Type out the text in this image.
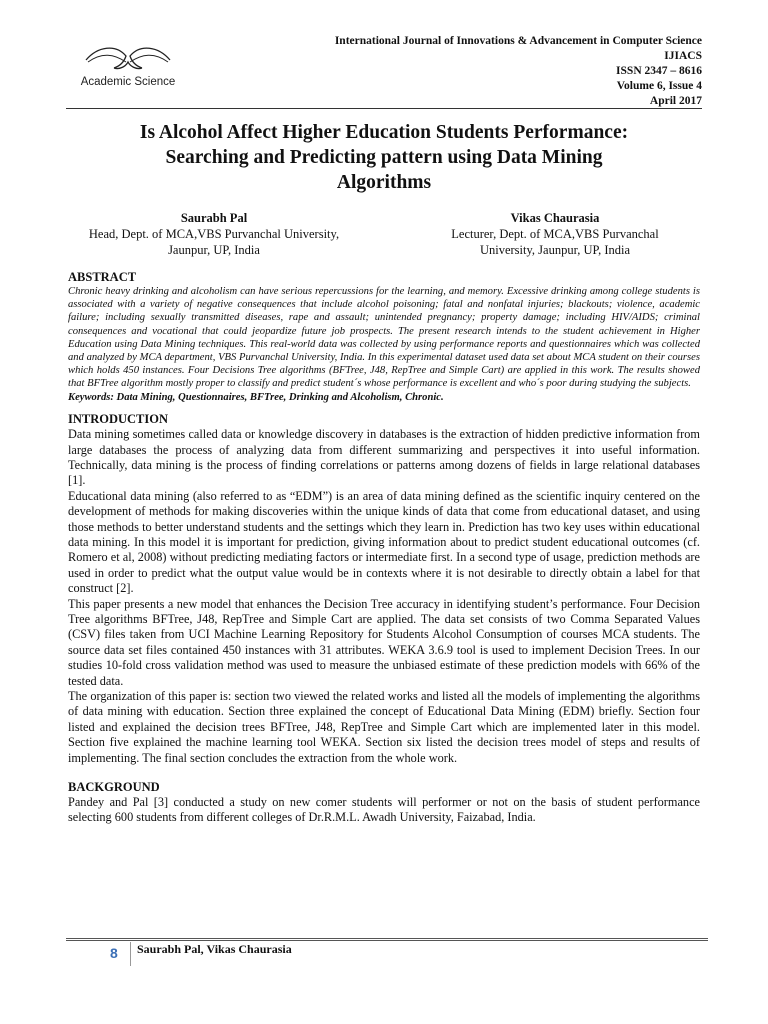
Academic Science
International Journal of Innovations & Advancement in Computer Science
IJIACS
ISSN 2347 – 8616
Volume 6, Issue 4
April 2017
Is Alcohol Affect Higher Education Students Performance:
Searching and Predicting pattern using Data Mining
Algorithms
Saurabh Pal
Head, Dept. of MCA,VBS Purvanchal University,
Jaunpur, UP, India
Vikas Chaurasia
Lecturer, Dept. of MCA,VBS Purvanchal
University, Jaunpur, UP, India

ABSTRACT

Chronic heavy drinking and alcoholism can have serious repercussions for the learning, and memory. Excessive drinking among college students is associated with a variety of negative consequences that include alcohol poisoning; fatal and nonfatal injuries; blackouts; violence, academic failure; including sexually transmitted diseases, rape and assault; unintended pregnancy; property damage; including HIV/AIDS; criminal consequences and vocational that could jeopardize future job prospects. The present research intends to the student achievement in Higher Education using Data Mining techniques. This real-world data was collected by using performance reports and questionnaires which was collected and analyzed by MCA department, VBS Purvanchal University, India. In this experimental dataset used data set about MCA student on their courses which holds 450 instances. Four Decisions Tree algorithms (BFTree, J48, RepTree and Simple Cart) are applied in this work. The results showed that BFTree algorithm mostly proper to classify and predict student´s whose performance is excellent and who´s poor during studying the subjects.

Keywords: Data Mining, Questionnaires, BFTree, Drinking and Alcoholism, Chronic.

INTRODUCTION

Data mining sometimes called data or knowledge discovery in databases is the extraction of hidden predictive information from large databases the process of analyzing data from different summarizing and perspectives it into useful information. Technically, data mining is the process of finding correlations or patterns among dozens of fields in large relational databases [1].

Educational data mining (also referred to as “EDM”) is an area of data mining defined as the scientific inquiry centered on the development of methods for making discoveries within the unique kinds of data that come from educational dataset, and using those methods to better understand students and the settings which they learn in. Prediction has two key uses within educational data mining. In this model it is important for prediction, giving information about to predict student educational outcomes (cf. Romero et al, 2008) without predicting mediating factors or intermediate first. In a second type of usage, prediction methods are used in order to predict what the output value would be in contexts where it is not desirable to directly obtain a label for that construct [2].

This paper presents a new model that enhances the Decision Tree accuracy in identifying student’s performance. Four Decision Tree algorithms BFTree, J48, RepTree and Simple Cart are applied. The data set consists of two Comma Separated Values (CSV) files taken from UCI Machine Learning Repository for Students Alcohol Consumption of courses MCA students. The source data set files contained 450 instances with 31 attributes. WEKA 3.6.9 tool is used to implement Decision Trees. In our studies 10-fold cross validation method was used to measure the unbiased estimate of these prediction models with 66% of the tested data.

The organization of this paper is: section two viewed the related works and listed all the models of implementing the algorithms of data mining with education. Section three explained the concept of Educational Data Mining (EDM) briefly. Section four listed and explained the decision trees BFTree, J48, RepTree and Simple Cart which are implemented later in this model. Section five explained the machine learning tool WEKA. Section six listed the decision trees model of steps and results of implementing. The final section concludes the extraction from the whole work.

BACKGROUND

Pandey and Pal [3] conducted a study on new comer students will performer or not on the basis of student performance selecting 600 students from different colleges of Dr.R.M.L. Awadh University, Faizabad, India.

8 Saurabh Pal, Vikas Chaurasia
